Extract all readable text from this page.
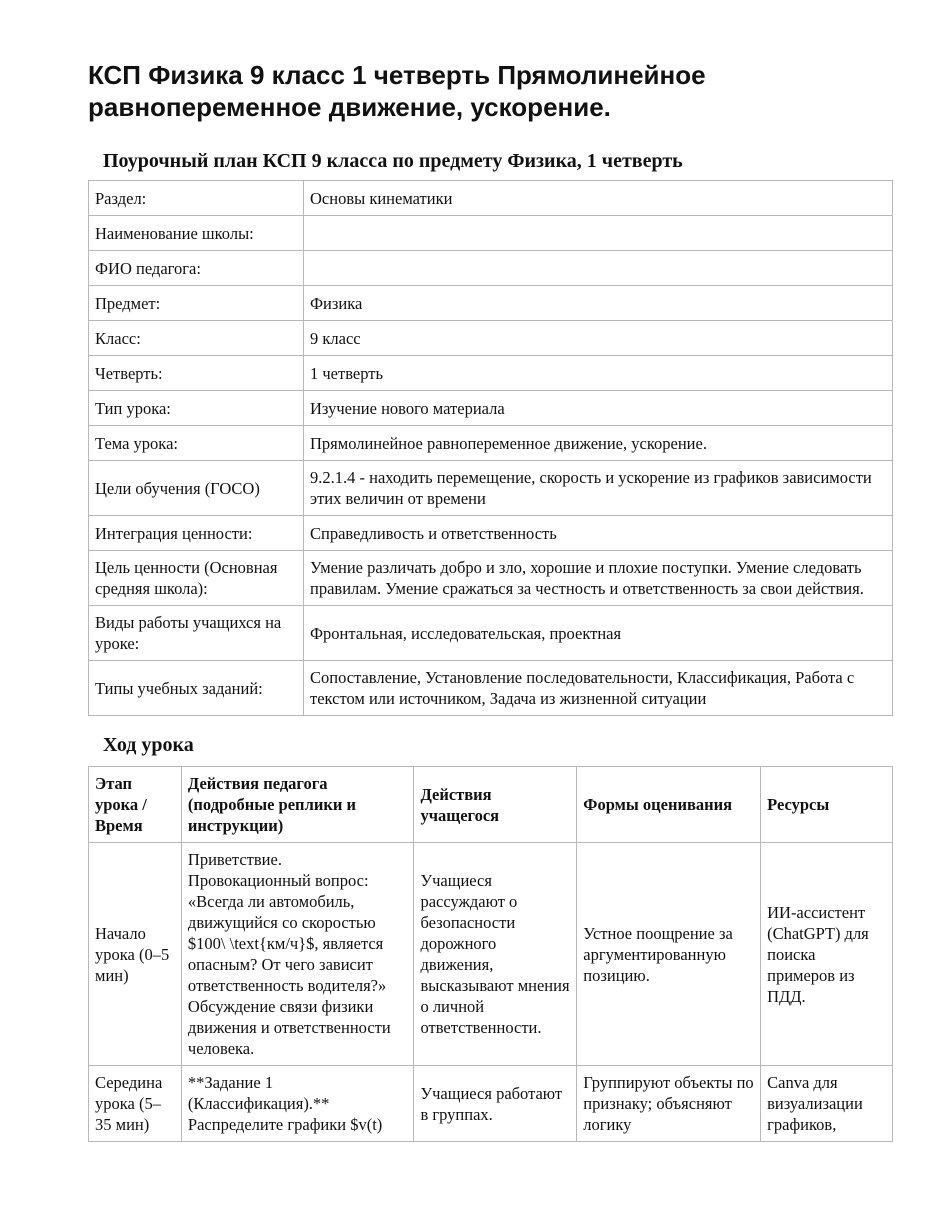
КСП Физика 9 класс 1 четверть Прямолинейное равнопеременное движение, ускорение.
Поурочный план КСП 9 класса по предмету Физика, 1 четверть
Раздел:	Основы кинематики
Наименование школы:	
ФИО педагога:	
Предмет:	Физика
Класс:	9 класс
Четверть:	1 четверть
Тип урока:	Изучение нового материала
Тема урока:	Прямолинейное равнопеременное движение, ускорение.
Цели обучения (ГОСО)	9.2.1.4 - находить перемещение, скорость и ускорение из графиков зависимости этих величин от времени
Интеграция ценности:	Справедливость и ответственность
Цель ценности (Основная средняя школа):	Умение различать добро и зло, хорошие и плохие поступки. Умение следовать правилам. Умение сражаться за честность и ответственность за свои действия.
Виды работы учащихся на уроке:	Фронтальная, исследовательская, проектная
Типы учебных заданий:	Сопоставление, Установление последовательности, Классификация, Работа с текстом или источником, Задача из жизненной ситуации
Ход урока
Этап урока / Время	Действия педагога (подробные реплики и инструкции)	Действия учащегося	Формы оценивания	Ресурсы
Начало урока (0–5 мин)	Приветствие. Провокационный вопрос: «Всегда ли автомобиль, движущийся со скоростью $100\ \text{км/ч}$, является опасным? От чего зависит ответственность водителя?» Обсуждение связи физики движения и ответственности человека.	Учащиеся рассуждают о безопасности дорожного движения, высказывают мнения о личной ответственности.	Устное поощрение за аргументированную позицию.	ИИ-ассистент (ChatGPT) для поиска примеров из ПДД.
Середина урока (5–35 мин)	**Задание 1 (Классификация).** Распределите графики $v(t)	Учащиеся работают в группах.	Группируют объекты по признаку; объясняют логику	Canva для визуализации графиков,
